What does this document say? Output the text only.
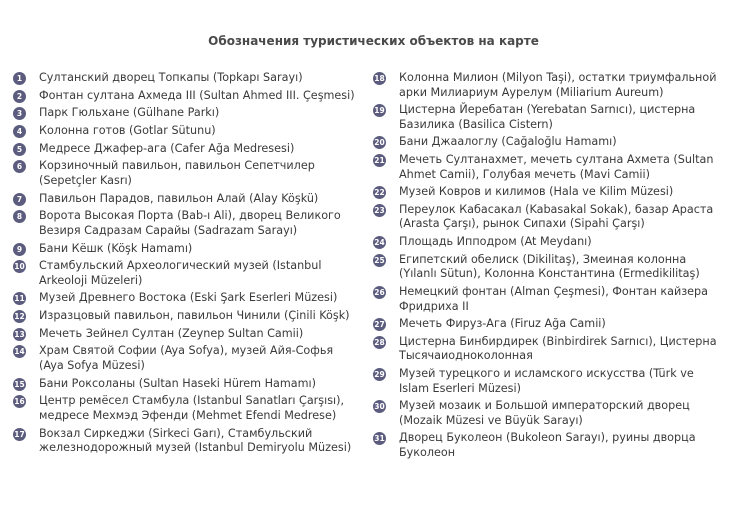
Обозначения туристических объектов на карте
1	Султанский дворец Топкапы (Topkapı Sarayı)
2	Фонтан султана Ахмеда III (Sultan Ahmed III. Çeşmesi)
3	Парк Гюльхане (Gülhane Parkı)
4	Колонна готов (Gotlar Sütunu)
5	Медресе Джафер-ага (Cafer Ağa Medresesi)
6	Корзиночный павильон, павильон Сепетчилер (Sepetçler Kasrı)
7	Павильон Парадов, павильон Алай (Alay Köşkü)
8	Ворота Высокая Порта (Bab-ı Ali), дворец Великого Везиря Садразам Сарайы (Sadrazam Sarayı)
9	Бани Кёшк (Köşk Hamamı)
10 Стамбульский Археологический музей (Istanbul Arkeoloji Müzeleri)
11 Музей Древнего Востока (Eski Şark Eserleri Müzesi)
12 Изразцовый павильон, павильон Чинили (Çinili Köşk)
13 Мечеть Зейнел Султан (Zeynep Sultan Camii)
14 Храм Святой Софии (Aya Sofya), музей Айя-Софья (Aya Sofya Müzesi)
15 Бани Роксоланы (Sultan Haseki Hürem Hamamı)
16 Центр ремёсел Стамбула (Istanbul Sanatları Çarşısı), медресе Мехмэд Эфенди (Mehmet Efendi Medrese)
17 Вокзал Сиркеджи (Sirkeci Garı), Стамбульский железнодорожный музей (Istanbul Demiryolu Müzesi)
18 Колонна Милион (Milyon Taşi), остатки триумфальной арки Милиариум Аурелум (Miliarium Aureum)
19 Цистерна Йеребатан (Yerebatan Sarnıcı), цистерна Базилика (Basilica Cistern)
20 Бани Джаалоглу (Cağaloğlu Hamamı)
21 Мечеть Султанахмет, мечеть султана Ахмета (Sultan Ahmet Camii), Голубая мечеть (Mavi Camii)
22 Музей Ковров и килимов (Hala ve Kilim Müzesi)
23 Переулок Кабасакал (Kabasakal Sokak), базар Араста (Arasta Çarşı), рынок Сипахи (Sipahi Çarşı)
24 Площадь Ипподром (At Meydanı)
25 Египетский обелиск (Dikilitaş), Змеиная колонна (Yılanlı Sütun), Колонна Константина (Ermedikilitaş)
26 Немецкий фонтан (Alman Çeşmesi), Фонтан кайзера Фридриха II
27 Мечеть Фируз-Ага (Firuz Ağa Camii)
28 Цистерна Бинбирдирек (Binbirdirek Sarnıcı), Цистерна Тысячаиодноколонная
29 Музей турецкого и исламского искусства (Türk ve Islam Eserleri Müzesi)
30 Музей мозаик и Большой императорский дворец (Mozaik Müzesi ve Büyük Sarayı)
31 Дворец Буколеон (Bukoleon Sarayı), руины дворца Буколеон
